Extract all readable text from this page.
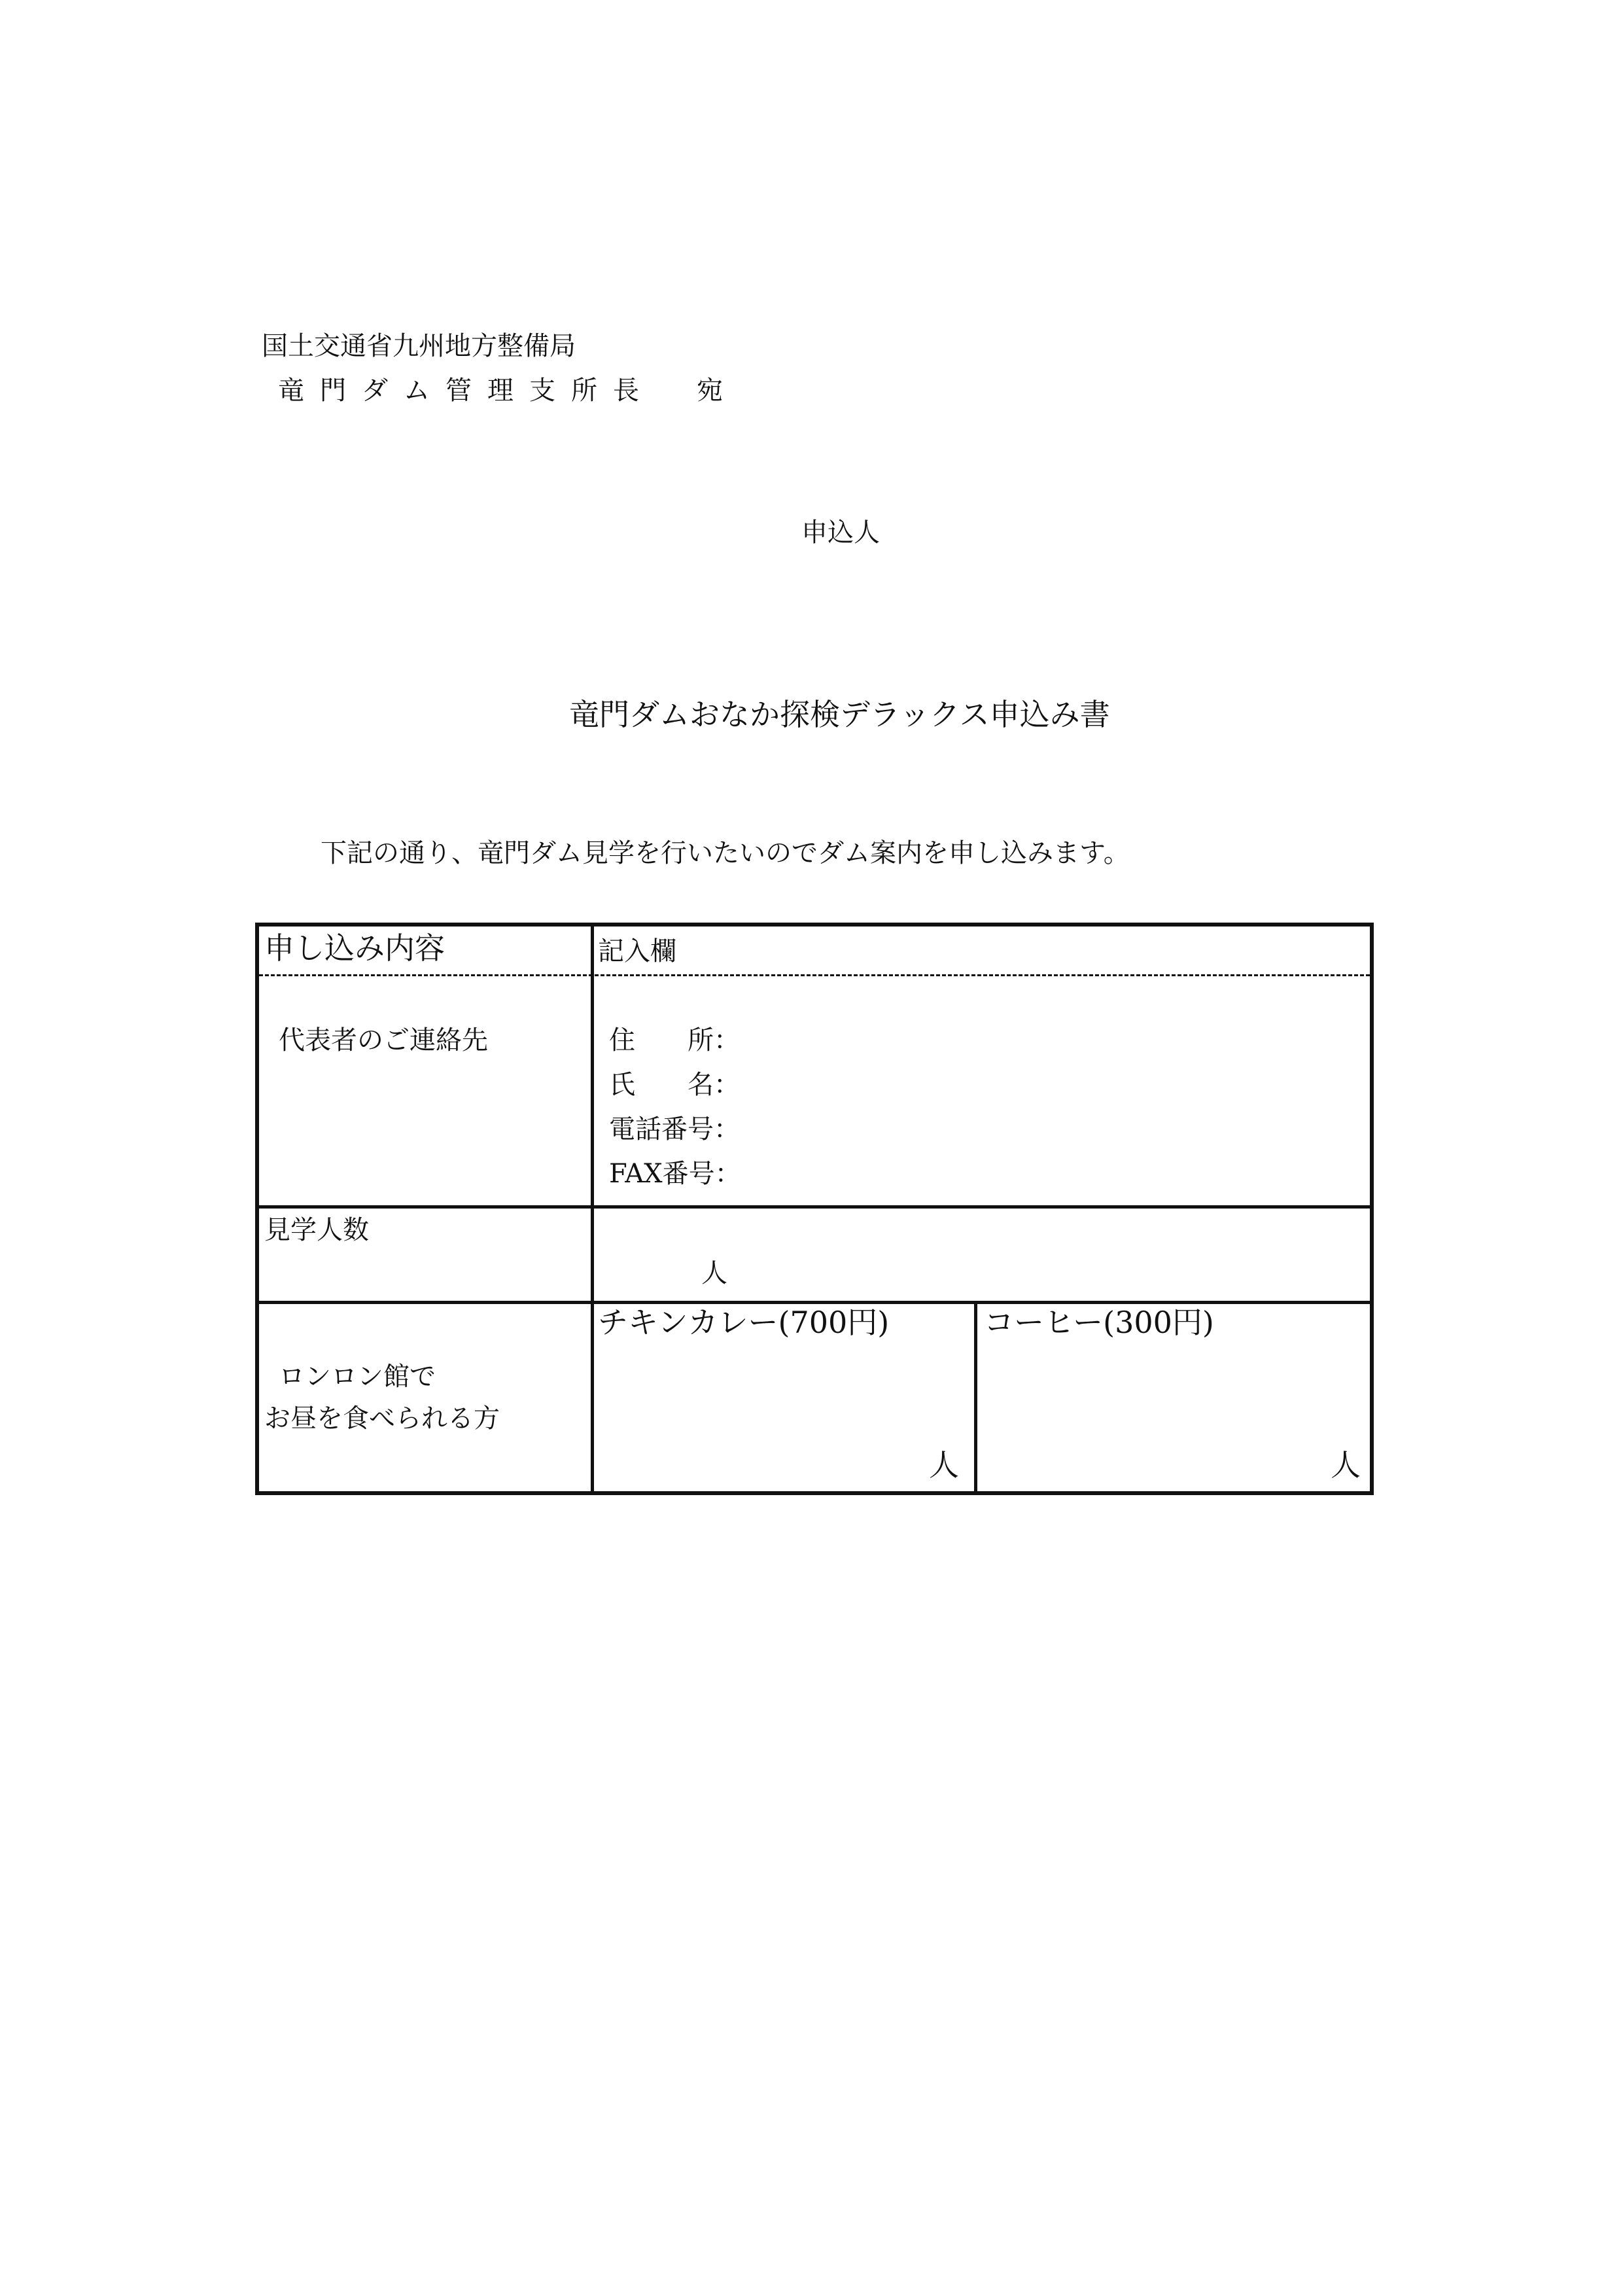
国土交通省九州地方整備局
竜門ダム管理支所長　宛
申込人
竜門ダムおなか探検デラックス申込み書
下記の通り、竜門ダム見学を行いたいのでダム案内を申し込みます。
申し込み内容	記入欄
代表者のご連絡先	住　　所：
氏　　名：
電話番号：
FAX番号：
見学人数
人
ロンロン館で
お昼を食べられる方
チキンカレー(700円)
人
コーヒー(300円)
人
